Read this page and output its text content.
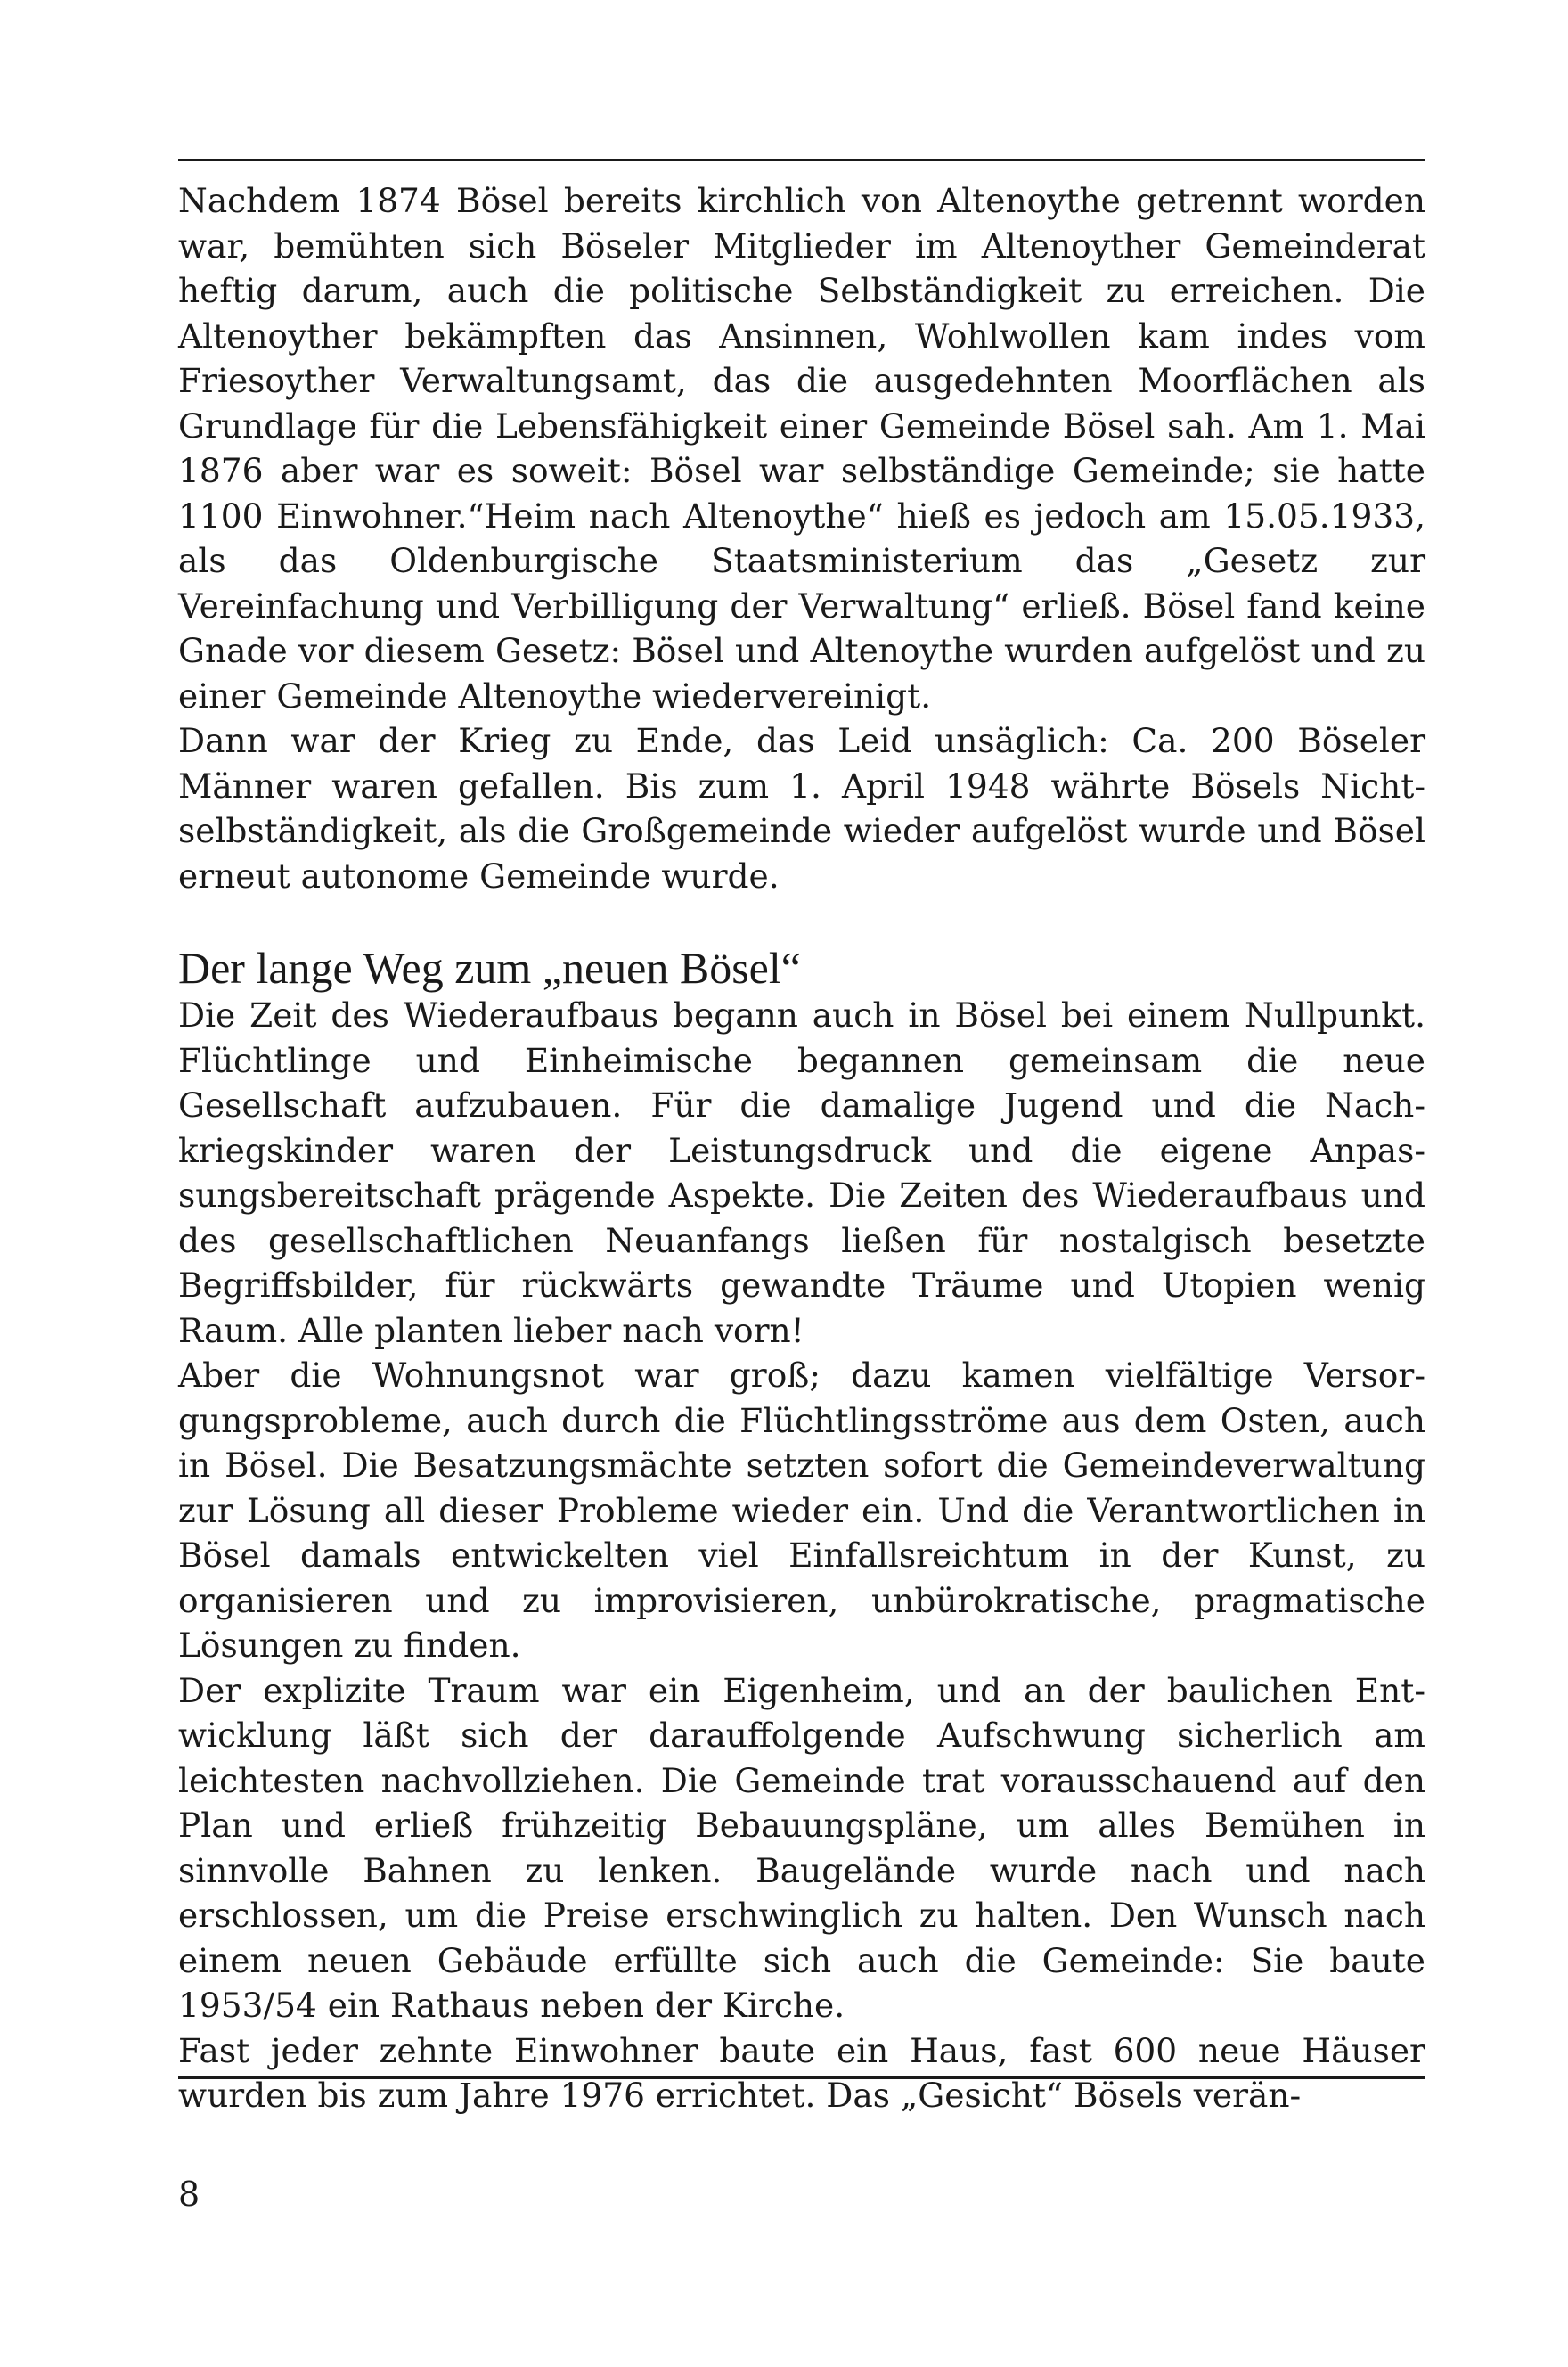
Nachdem 1874 Bösel bereits kirchlich von Altenoythe getrennt worden war, bemühten sich Böseler Mitglieder im Altenoyther Gemeinderat heftig darum, auch die politische Selbständigkeit zu erreichen. Die Altenoyther bekämpften das Ansinnen, Wohlwollen kam indes vom Friesoyther Verwaltungsamt, das die ausgedehnten Moorflächen als Grundlage für die Lebensfähigkeit einer Gemeinde Bösel sah. Am 1. Mai 1876 aber war es soweit: Bösel war selbständige Gemeinde; sie hatte 1100 Einwohner.“Heim nach Altenoythe“ hieß es jedoch am 15.05.1933, als das Oldenburgische Staatsministerium das „Gesetz zur Vereinfachung und Verbilligung der Verwaltung“ erließ. Bösel fand keine Gnade vor diesem Gesetz: Bösel und Altenoythe wurden aufgelöst und zu einer Gemeinde Altenoythe wiedervereinigt.

Dann war der Krieg zu Ende, das Leid unsäglich: Ca. 200 Böseler Männer waren gefallen. Bis zum 1. April 1948 währte Bösels Nichtselbständigkeit, als die Großgemeinde wieder aufgelöst wurde und Bösel erneut autonome Gemeinde wurde.

Der lange Weg zum „neuen Bösel“

Die Zeit des Wiederaufbaus begann auch in Bösel bei einem Nullpunkt. Flüchtlinge und Einheimische begannen gemeinsam die neue Gesellschaft aufzubauen. Für die damalige Jugend und die Nachkriegskinder waren der Leistungsdruck und die eigene Anpassungsbereitschaft prägende Aspekte. Die Zeiten des Wiederaufbaus und des gesellschaftlichen Neuanfangs ließen für nostalgisch besetzte Begriffsbilder, für rückwärts gewandte Träume und Utopien wenig Raum. Alle planten lieber nach vorn!

Aber die Wohnungsnot war groß; dazu kamen vielfältige Versorgungsprobleme, auch durch die Flüchtlingsströme aus dem Osten, auch in Bösel. Die Besatzungsmächte setzten sofort die Gemeindeverwaltung zur Lösung all dieser Probleme wieder ein. Und die Verantwortlichen in Bösel damals entwickelten viel Einfallsreichtum in der Kunst, zu organisieren und zu improvisieren, unbürokratische, pragmatische Lösungen zu finden.

Der explizite Traum war ein Eigenheim, und an der baulichen Entwicklung läßt sich der darauffolgende Aufschwung sicherlich am leichtesten nachvollziehen. Die Gemeinde trat vorausschauend auf den Plan und erließ frühzeitig Bebauungspläne, um alles Bemühen in sinnvolle Bahnen zu lenken. Baugelände wurde nach und nach erschlossen, um die Preise erschwinglich zu halten. Den Wunsch nach einem neuen Gebäude erfüllte sich auch die Gemeinde: Sie baute 1953/54 ein Rathaus neben der Kirche.

Fast jeder zehnte Einwohner baute ein Haus, fast 600 neue Häuser wurden bis zum Jahre 1976 errichtet. Das „Gesicht“ Bösels verän-

8
